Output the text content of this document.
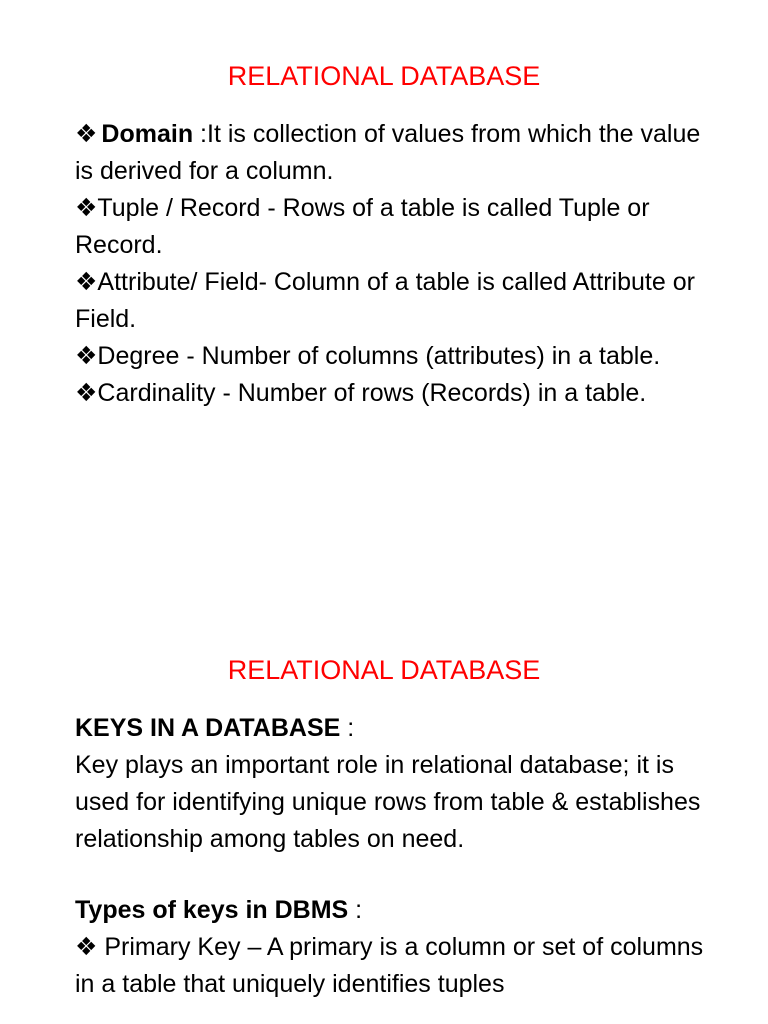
RELATIONAL DATABASE

❖ Domain :It is collection of values from which the value is derived for a column.

❖Tuple / Record - Rows of a table is called Tuple or Record.

❖Attribute/ Field- Column of a table is called Attribute or Field.

❖Degree - Number of columns (attributes) in a table.

❖Cardinality - Number of rows (Records) in a table.

RELATIONAL DATABASE

KEYS IN A DATABASE :

Key plays an important role in relational database; it is used for identifying unique rows from table & establishes relationship among tables on need.

Types of keys in DBMS :

❖ Primary Key – A primary is a column or set of columns in a table that uniquely identifies tuples
